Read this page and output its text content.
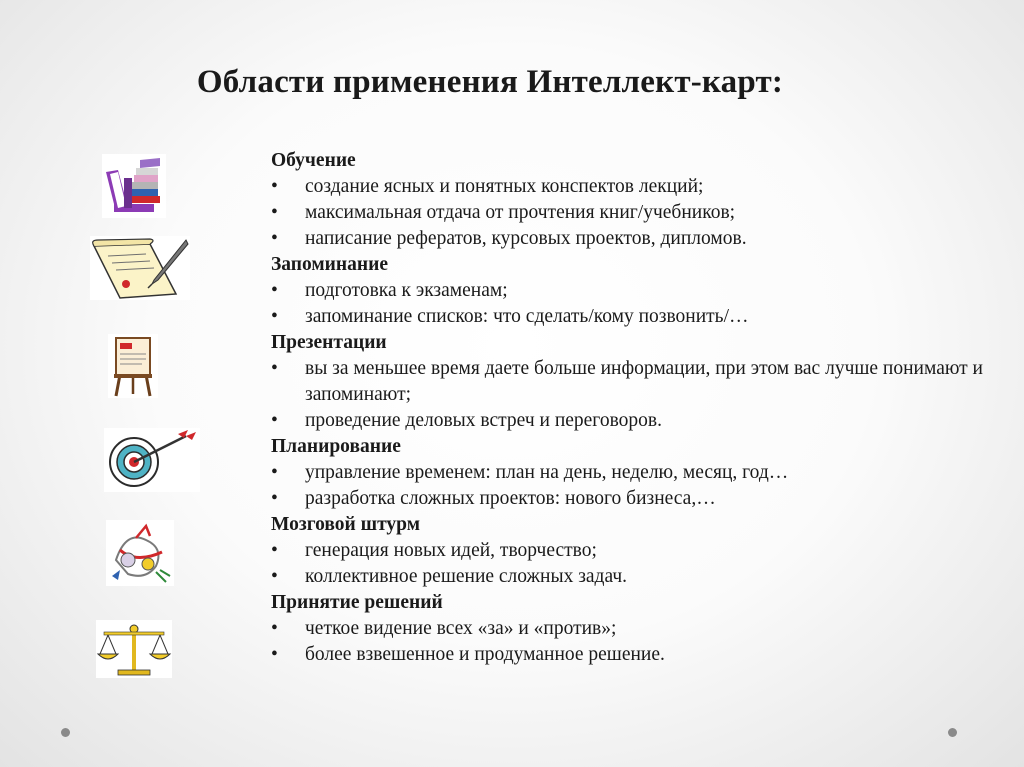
Области применения Интеллект-карт:
Обучение
• создание ясных и понятных конспектов лекций;
• максимальная отдача от прочтения книг/учебников;
• написание рефератов, курсовых проектов, дипломов.
Запоминание
• подготовка к экзаменам;
• запоминание списков: что сделать/кому позвонить/…
Презентации
• вы за меньшее время даете больше информации, при этом вас лучше понимают и запоминают;
• проведение деловых встреч и переговоров.
Планирование
• управление временем: план на день, неделю, месяц, год…
• разработка сложных проектов: нового бизнеса,…
Мозговой штурм
• генерация новых идей, творчество;
• коллективное решение сложных задач.
Принятие решений
• четкое видение всех «за» и «против»;
• более взвешенное и продуманное решение.
